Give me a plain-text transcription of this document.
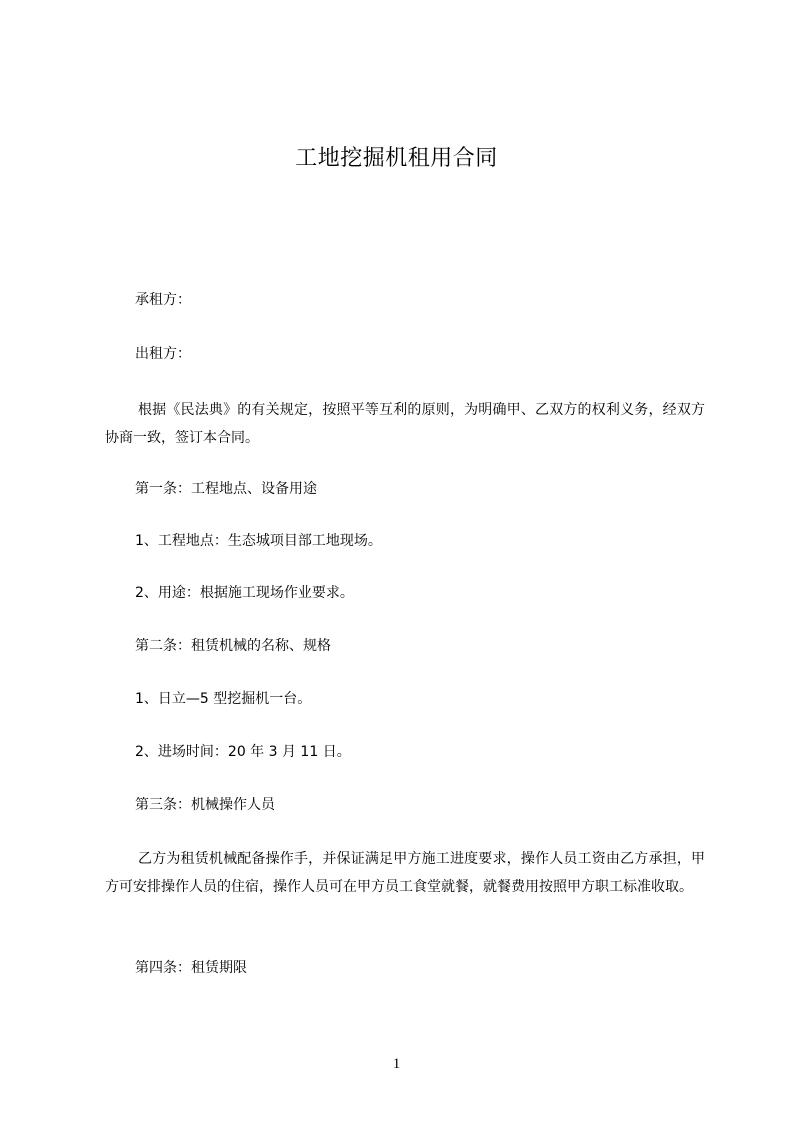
工地挖掘机租用合同

承租方：

出租方：

根据《民法典》的有关规定，按照平等互利的原则，为明确甲、乙双方的权利义务，经双方协商一致，签订本合同。

第一条：工程地点、设备用途

1、工程地点：生态城项目部工地现场。

2、用途：根据施工现场作业要求。

第二条：租赁机械的名称、规格

1、日立—5 型挖掘机一台。

2、进场时间：20 年 3 月 11 日。

第三条：机械操作人员

乙方为租赁机械配备操作手，并保证满足甲方施工进度要求，操作人员工资由乙方承担，甲方可安排操作人员的住宿，操作人员可在甲方员工食堂就餐，就餐费用按照甲方职工标准收取。

第四条：租赁期限

1
